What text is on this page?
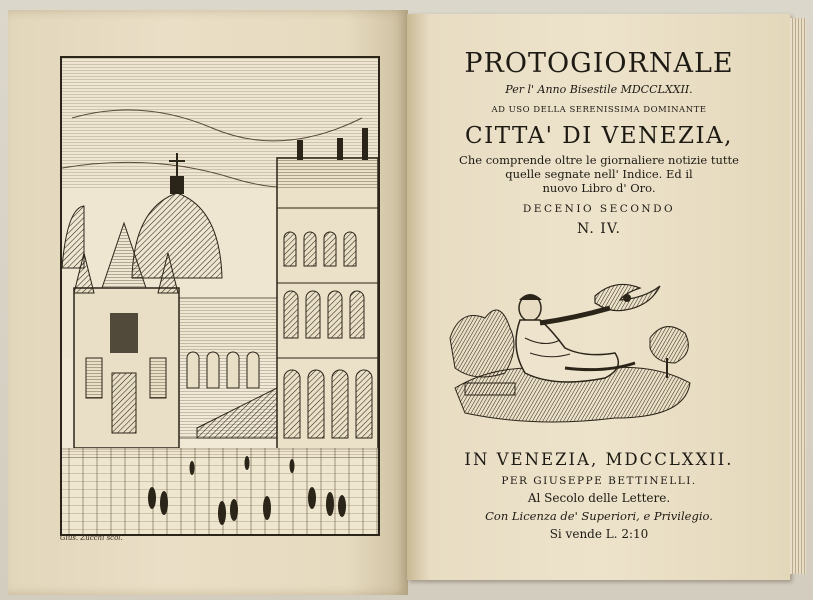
Gius. Zucchi scol.
PROTOGIORNALE
Per l' Anno Bisestile MDCCLXXII.
AD USO DELLA SERENISSIMA DOMINANTE
CITTA' DI VENEZIA,
Che comprende oltre le giornaliere notizie tutte
quelle segnate nell' Indice. Ed il
nuovo Libro d' Oro.
DECENIO SECONDO
N. IV.
IN VENEZIA, MDCCLXXII.
PER GIUSEPPE BETTINELLI.
Al Secolo delle Lettere.
Con Licenza de' Superiori, e Privilegio.
Si vende L. 2:10
